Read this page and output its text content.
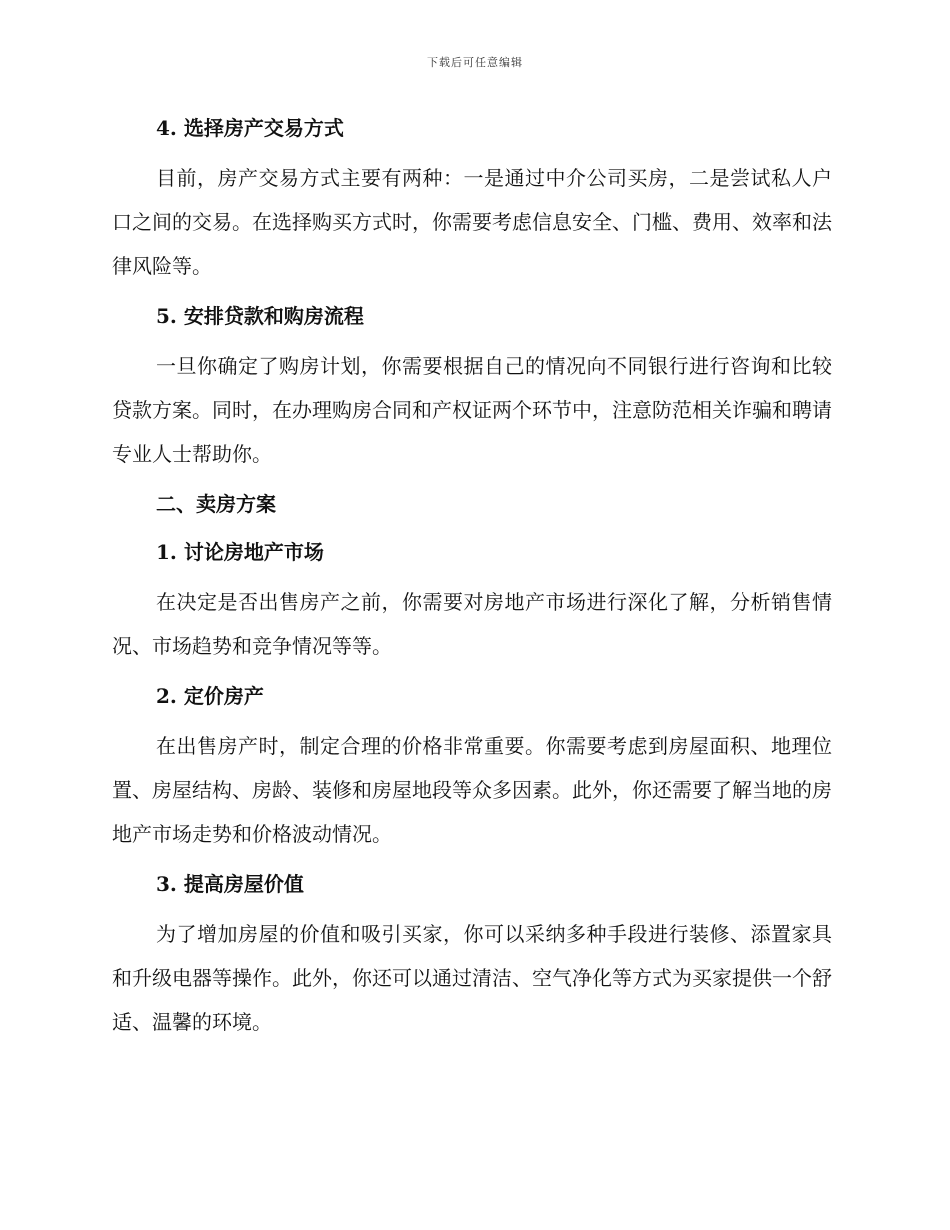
下载后可任意编辑
4. 选择房产交易方式

目前，房产交易方式主要有两种：一是通过中介公司买房，二是尝试私人户口之间的交易。在选择购买方式时，你需要考虑信息安全、门槛、费用、效率和法律风险等。

5. 安排贷款和购房流程

一旦你确定了购房计划，你需要根据自己的情况向不同银行进行咨询和比较贷款方案。同时，在办理购房合同和产权证两个环节中，注意防范相关诈骗和聘请专业人士帮助你。

二、卖房方案
1. 讨论房地产市场

在决定是否出售房产之前，你需要对房地产市场进行深化了解，分析销售情况、市场趋势和竞争情况等等。

2. 定价房产

在出售房产时，制定合理的价格非常重要。你需要考虑到房屋面积、地理位置、房屋结构、房龄、装修和房屋地段等众多因素。此外，你还需要了解当地的房地产市场走势和价格波动情况。

3. 提高房屋价值

为了增加房屋的价值和吸引买家，你可以采纳多种手段进行装修、添置家具和升级电器等操作。此外，你还可以通过清洁、空气净化等方式为买家提供一个舒适、温馨的环境。
